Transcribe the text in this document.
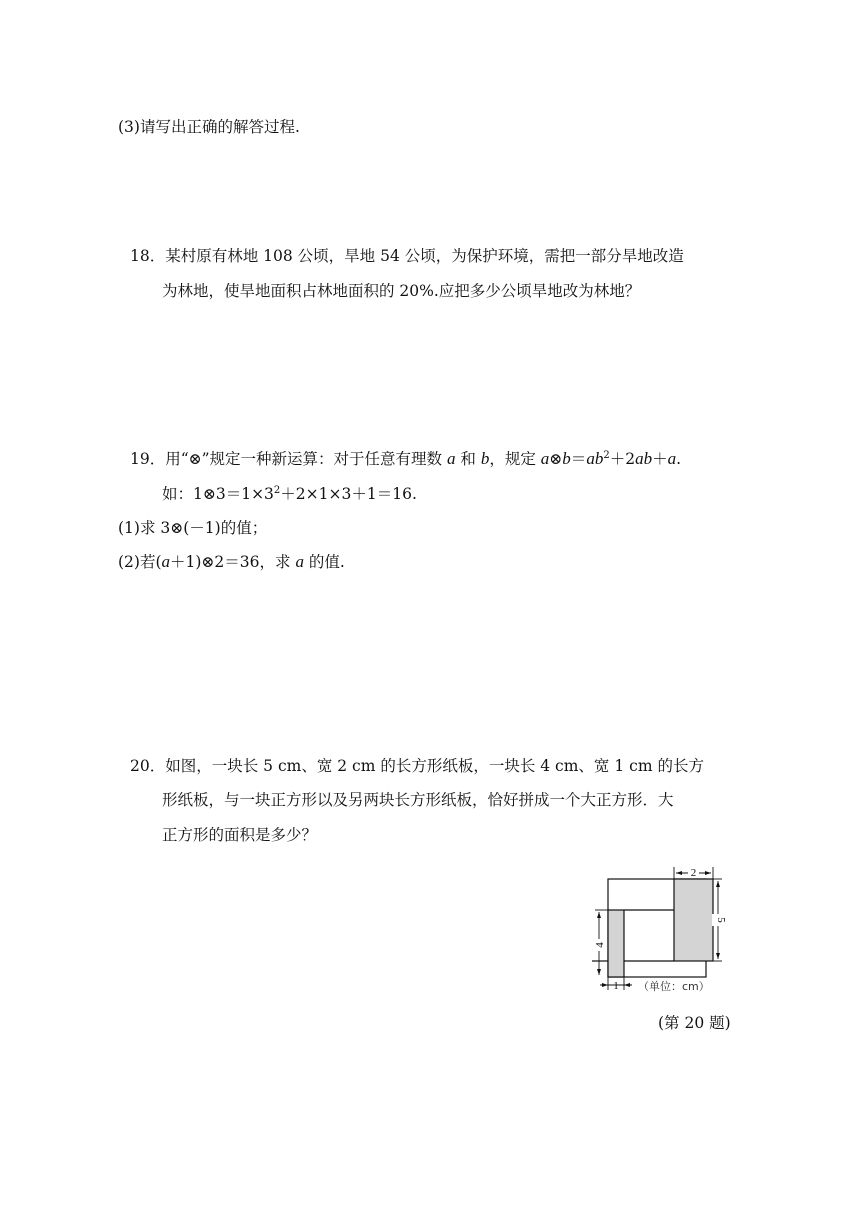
(3)请写出正确的解答过程.
18．某村原有林地 108 公顷，旱地 54 公顷，为保护环境，需把一部分旱地改造
为林地，使旱地面积占林地面积的 20%.应把多少公顷旱地改为林地？
19．用“⊗”规定一种新运算：对于任意有理数 a 和 b，规定 $a\otimes b=ab^2+2ab+a$.
如：$1\otimes 3=1\times 3^2+2\times 1\times 3+1=16$.
(1)求 3⊗(－1)的值；
(2)若(a＋1)⊗2＝36，求 a 的值.
20．如图，一块长 5 cm、宽 2 cm 的长方形纸板，一块长 4 cm、宽 1 cm 的长方
形纸板，与一块正方形以及另两块长方形纸板，恰好拼成一个大正方形．大
正方形的面积是多少？
2
5
4
1 （单位：cm）
(第 20 题)
